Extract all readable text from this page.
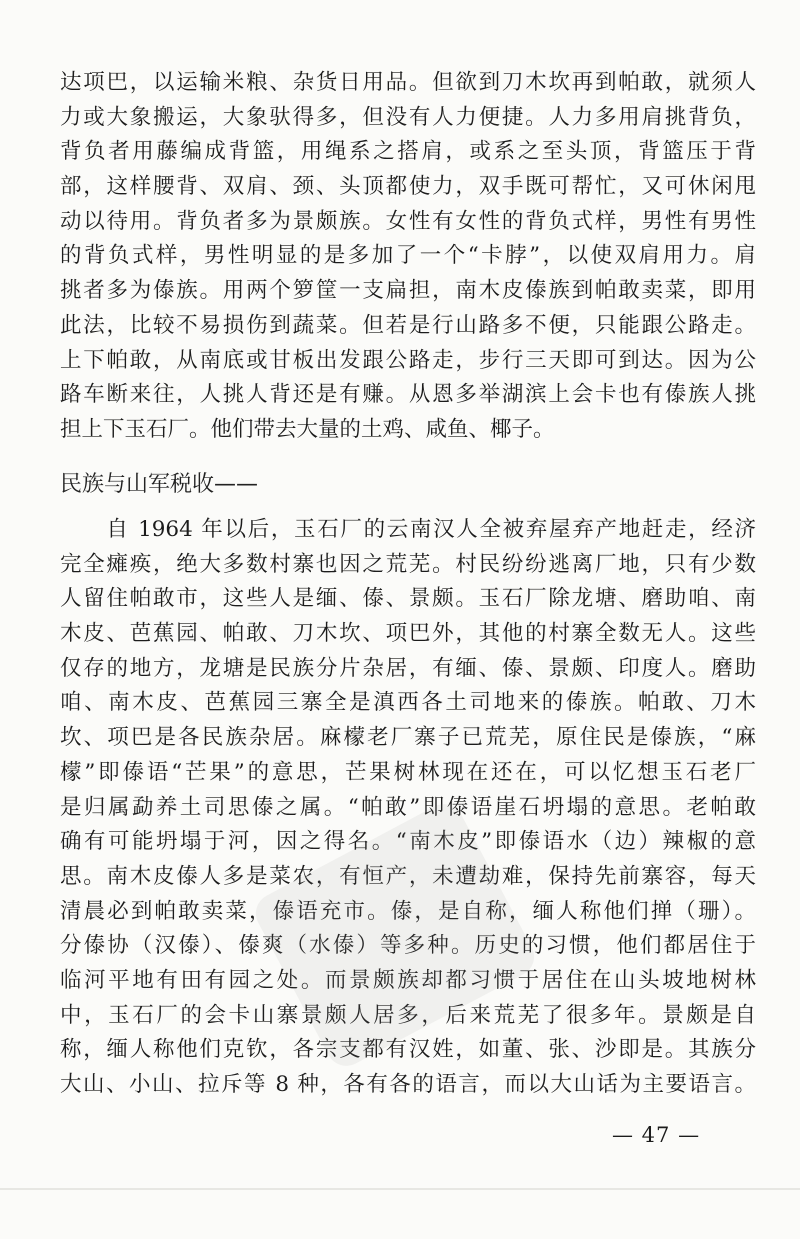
达项巴，以运输米粮、杂货日用品。但欲到刀木坎再到帕敢，就须人
力或大象搬运，大象驮得多，但没有人力便捷。人力多用肩挑背负，
背负者用藤编成背篮，用绳系之搭肩，或系之至头顶，背篮压于背
部，这样腰背、双肩、颈、头顶都使力，双手既可帮忙，又可休闲甩
动以待用。背负者多为景颇族。女性有女性的背负式样，男性有男性
的背负式样，男性明显的是多加了一个“卡脖”，以使双肩用力。肩
挑者多为傣族。用两个箩筐一支扁担，南木皮傣族到帕敢卖菜，即用
此法，比较不易损伤到蔬菜。但若是行山路多不便，只能跟公路走。
上下帕敢，从南底或甘板出发跟公路走，步行三天即可到达。因为公
路车断来往，人挑人背还是有赚。从恩多举湖滨上会卡也有傣族人挑
担上下玉石厂。他们带去大量的土鸡、咸鱼、椰子。
民族与山军税收——
　　自 1964 年以后，玉石厂的云南汉人全被弃屋弃产地赶走，经济
完全瘫痪，绝大多数村寨也因之荒芜。村民纷纷逃离厂地，只有少数
人留住帕敢市，这些人是缅、傣、景颇。玉石厂除龙塘、磨助咱、南
木皮、芭蕉园、帕敢、刀木坎、项巴外，其他的村寨全数无人。这些
仅存的地方，龙塘是民族分片杂居，有缅、傣、景颇、印度人。磨助
咱、南木皮、芭蕉园三寨全是滇西各土司地来的傣族。帕敢、刀木
坎、项巴是各民族杂居。麻檬老厂寨子已荒芜，原住民是傣族，“麻
檬”即傣语“芒果”的意思，芒果树林现在还在，可以忆想玉石老厂
是归属勐养土司思傣之属。“帕敢”即傣语崖石坍塌的意思。老帕敢
确有可能坍塌于河，因之得名。“南木皮”即傣语水（边）辣椒的意
思。南木皮傣人多是菜农，有恒产，未遭劫难，保持先前寨容，每天
清晨必到帕敢卖菜，傣语充市。傣，是自称，缅人称他们掸（珊）。
分傣协（汉傣）、傣爽（水傣）等多种。历史的习惯，他们都居住于
临河平地有田有园之处。而景颇族却都习惯于居住在山头坡地树林
中，玉石厂的会卡山寨景颇人居多，后来荒芜了很多年。景颇是自
称，缅人称他们克钦，各宗支都有汉姓，如董、张、沙即是。其族分
大山、小山、拉斥等 8 种，各有各的语言，而以大山话为主要语言。
— 47 —
